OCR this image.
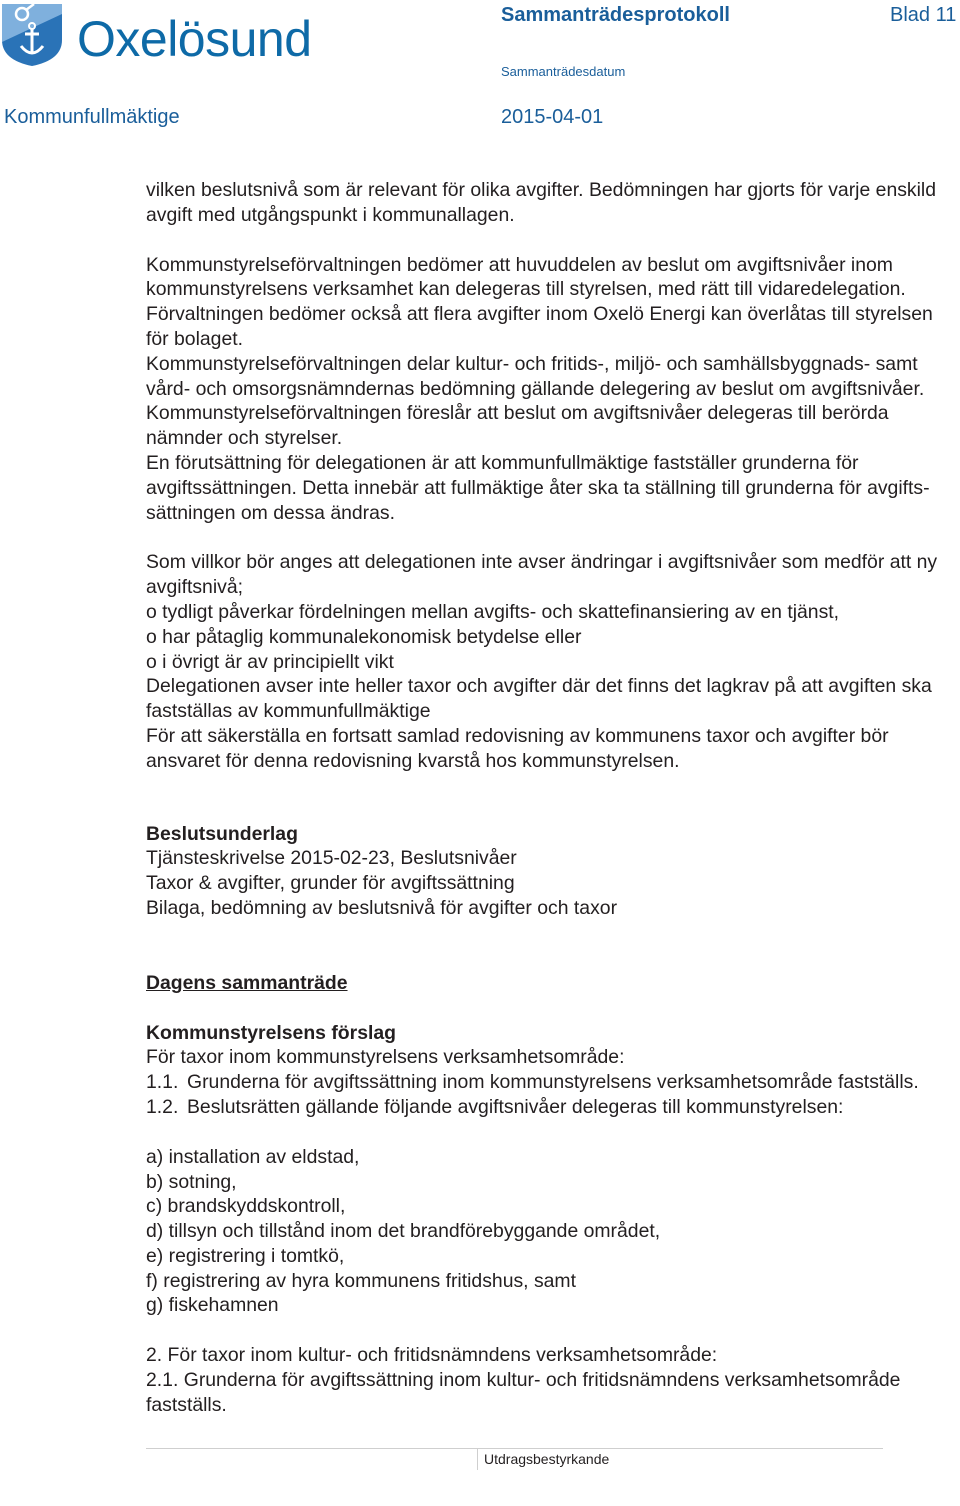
Oxelösund	Sammanträdesprotokoll	Blad 11
Sammanträdesdatum
Kommunfullmäktige	2015-04-01

vilken beslutsnivå som är relevant för olika avgifter. Bedömningen har gjorts för varje enskild avgift med utgångspunkt i kommunallagen.

Kommunstyrelseförvaltningen bedömer att huvuddelen av beslut om avgiftsnivåer inom kommunstyrelsens verksamhet kan delegeras till styrelsen, med rätt till vidaredelegation. Förvaltningen bedömer också att flera avgifter inom Oxelö Energi kan överlåtas till styrelsen för bolaget.

Kommunstyrelseförvaltningen delar kultur- och fritids-, miljö- och samhällsbyggnads- samt vård- och omsorgsnämndernas bedömning gällande delegering av beslut om avgiftsnivåer. Kommunstyrelseförvaltningen föreslår att beslut om avgiftsnivåer delegeras till berörda nämnder och styrelser.

En förutsättning för delegationen är att kommunfullmäktige fastställer grunderna för avgiftssättningen. Detta innebär att fullmäktige åter ska ta ställning till grunderna för avgifts-sättningen om dessa ändras.

Som villkor bör anges att delegationen inte avser ändringar i avgiftsnivåer som medför att ny avgiftsnivå;

o tydligt påverkar fördelningen mellan avgifts- och skattefinansiering av en tjänst,

o har påtaglig kommunalekonomisk betydelse eller

o i övrigt är av principiellt vikt

Delegationen avser inte heller taxor och avgifter där det finns det lagkrav på att avgiften ska fastställas av kommunfullmäktige

För att säkerställa en fortsatt samlad redovisning av kommunens taxor och avgifter bör ansvaret för denna redovisning kvarstå hos kommunstyrelsen.

Beslutsunderlag

Tjänsteskrivelse 2015-02-23, Beslutsnivåer

Taxor & avgifter, grunder för avgiftssättning

Bilaga, bedömning av beslutsnivå för avgifter och taxor

Dagens sammanträde

Kommunstyrelsens förslag

För taxor inom kommunstyrelsens verksamhetsområde:

1.1. Grunderna för avgiftssättning inom kommunstyrelsens verksamhetsområde fastställs.
1.2. Beslutsrätten gällande följande avgiftsnivåer delegeras till kommunstyrelsen:

a) installation av eldstad,

b) sotning,

c) brandskyddskontroll,

d) tillsyn och tillstånd inom det brandförebyggande området,

e) registrering i tomtkö,

f) registrering av hyra kommunens fritidshus, samt

g) fiskehamnen

2. För taxor inom kultur- och fritidsnämndens verksamhetsområde:

2.1. Grunderna för avgiftssättning inom kultur- och fritidsnämndens verksamhetsområde fastställs.

Utdragsbestyrkande
